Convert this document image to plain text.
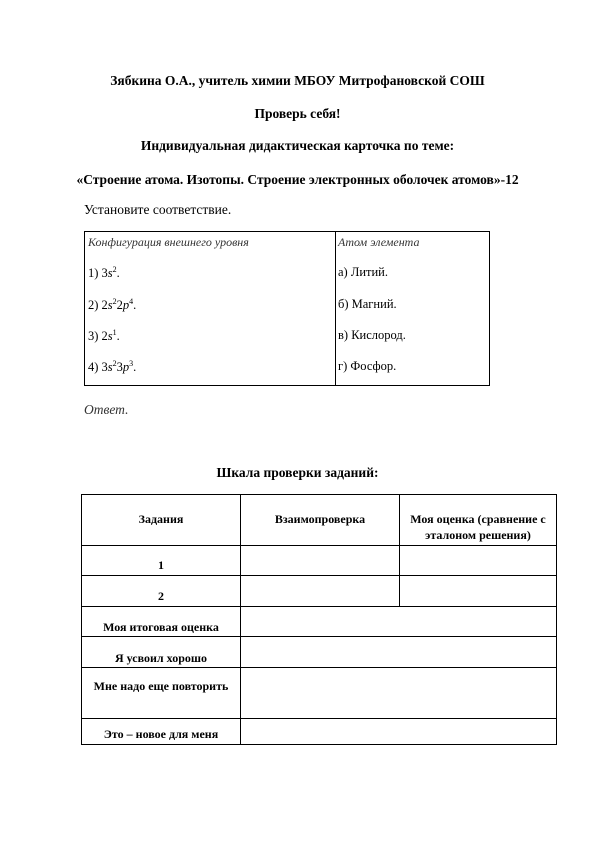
Зябкина О.А., учитель химии МБОУ Митрофановской СОШ
Проверь себя!
Индивидуальная дидактическая карточка по теме:
«Строение атома. Изотопы. Строение электронных оболочек атомов»-12
Установите соответствие.
Конфигурация внешнего уровня	Атом элемента
1) $3s^2$.
2) $2s^22p^4$.
3) $2s^1$.
4) $3s^23p^3$.
а) Литий.
б) Магний.
в) Кислород.
г) Фосфор.
Ответ.
Шкала проверки заданий:
Задания	Взаимопроверка	Моя оценка (сравнение с эталоном решения)
1
2
Моя итоговая оценка
Я усвоил хорошо
Мне надо еще повторить
Это – новое для меня
